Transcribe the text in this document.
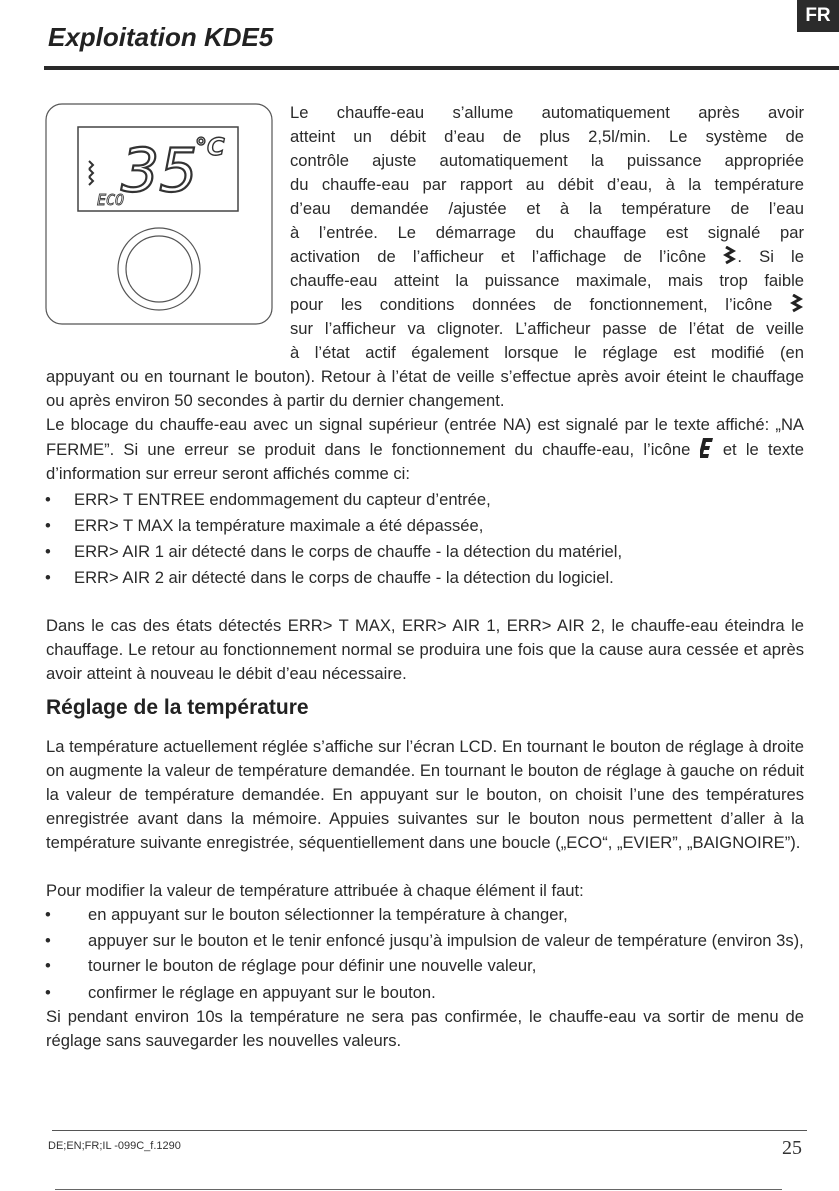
FR
Exploitation KDE5
35
°C
ECO

Le chauffe-eau s’allume automatiquement après avoir

atteint un débit d’eau de plus 2,5l/min. Le système de

contrôle ajuste automatiquement la puissance appropriée

du chauffe-eau par rapport au débit d’eau, à la température

d’eau demandée /ajustée et à la température de l’eau

à l’entrée. Le démarrage du chauffage est signalé par

activation de l’afficheur et l’affichage de l’icône . Si le

chauffe-eau atteint la puissance maximale, mais trop faible

pour les conditions données de fonctionnement, l’icône

sur l’afficheur va clignoter. L’afficheur passe de l’état de veille

à l’état actif également lorsque le réglage est modifié (en

appuyant ou en tournant le bouton). Retour à l’état de veille s’effectue après avoir éteint le chauffage ou après environ 50 secondes à partir du dernier changement.

Le blocage du chauffe-eau avec un signal supérieur (entrée NA) est signalé par le texte affiché: „NA FERME”. Si une erreur se produit dans le fonctionnement du chauffe-eau, l’icône et le texte d’information sur erreur seront affichés comme ci:

• ERR> T ENTREE endommagement du capteur d’entrée,
• ERR> T MAX la température maximale a été dépassée,
• ERR> AIR 1 air détecté dans le corps de chauffe - la détection du matériel,
• ERR> AIR 2 air détecté dans le corps de chauffe - la détection du logiciel.

Dans le cas des états détectés ERR> T MAX, ERR> AIR 1, ERR> AIR 2, le chauffe-eau éteindra le chauffage. Le retour au fonctionnement normal se produira une fois que la cause aura cessée et après avoir atteint à nouveau le débit d’eau nécessaire.

Réglage de la température

La température actuellement réglée s’affiche sur l’écran LCD. En tournant le bouton de réglage à droite on augmente la valeur de température demandée. En tournant le bouton de réglage à gauche on réduit la valeur de température demandée. En appuyant sur le bouton, on choisit l’une des températures enregistrée avant dans la mémoire. Appuies suivantes sur le bouton nous permettent d’aller à la température suivante enregistrée, séquentiellement dans une boucle („ECO“, „EVIER”, „BAIGNOIRE”).

Pour modifier la valeur de température attribuée à chaque élément il faut:

• en appuyant sur le bouton sélectionner la température à changer,
• appuyer sur le bouton et le tenir enfoncé jusqu’à impulsion de valeur de température (environ 3s),
• tourner le bouton de réglage pour définir une nouvelle valeur,
• confirmer le réglage en appuyant sur le bouton.

Si pendant environ 10s la température ne sera pas confirmée, le chauffe-eau va sortir de menu de réglage sans sauvegarder les nouvelles valeurs.

DE;EN;FR;IL -099C_f.1290	25
